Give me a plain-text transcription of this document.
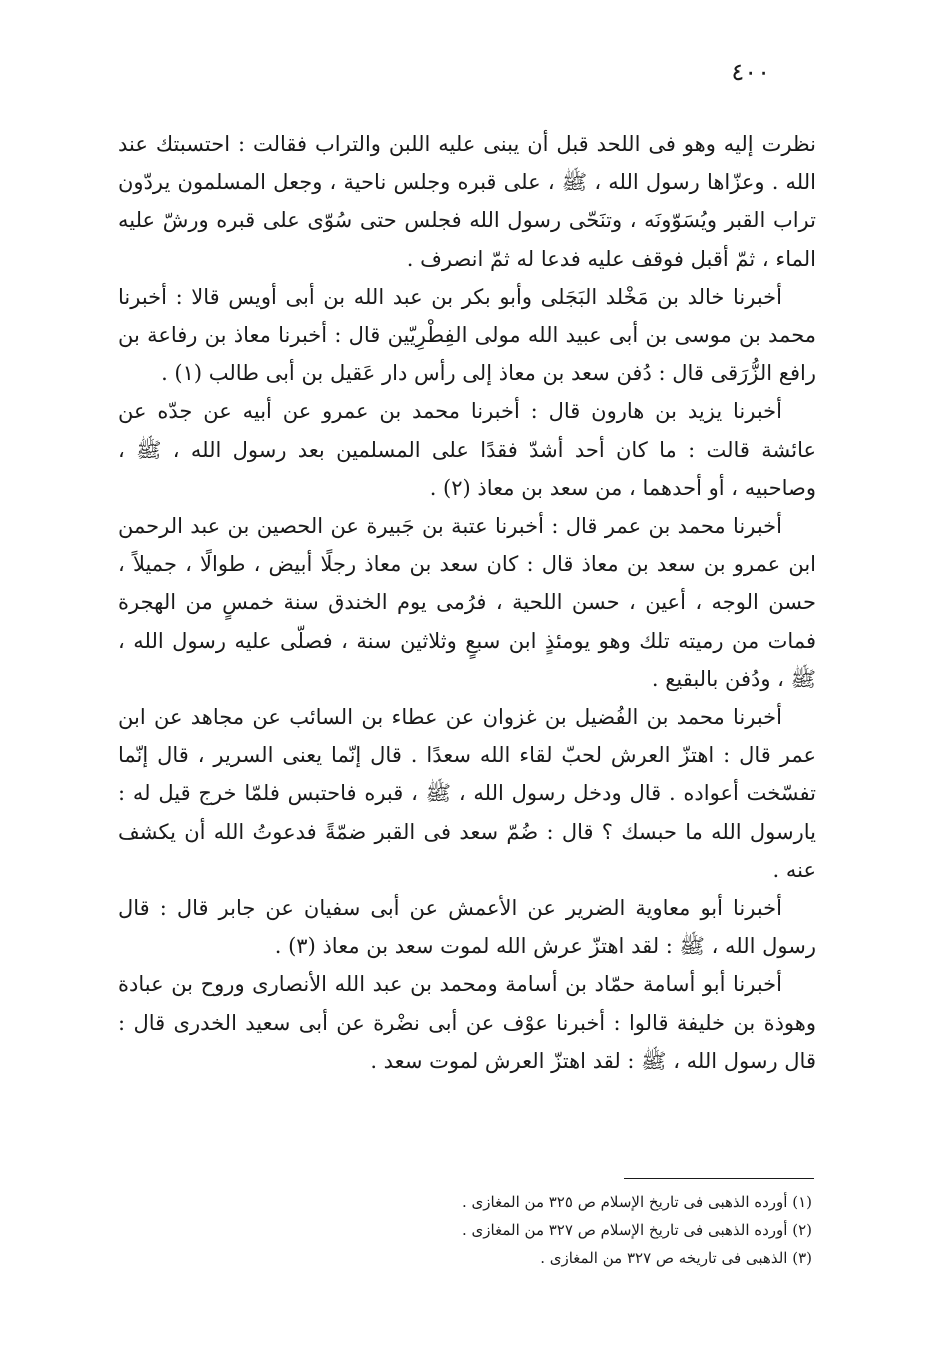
٤٠٠

نظرت إليه وهو فى اللحد قبل أن يبنى عليه اللبن والتراب فقالت : احتسبتك عند الله . وعزّاها رسول الله ، ﷺ ، على قبره وجلس ناحية ، وجعل المسلمون يردّون تراب القبر ويُسَوّونَه ، وتنَحّى رسول الله فجلس حتى سُوّى على قبره ورشّ عليه الماء ، ثمّ أقبل فوقف عليه فدعا له ثمّ انصرف .

أخبرنا خالد بن مَخْلد البَجَلى وأبو بكر بن عبد الله بن أبى أويس قالا : أخبرنا محمد بن موسى بن أبى عبيد الله مولى الفِطْرِيّين قال : أخبرنا معاذ بن رفاعة بن رافع الزُّرَقى قال : دُفن سعد بن معاذ إلى رأس دار عَقيل بن أبى طالب (١) .

أخبرنا يزيد بن هارون قال : أخبرنا محمد بن عمرو عن أبيه عن جدّه عن عائشة قالت : ما كان أحد أشدّ فقدًا على المسلمين بعد رسول الله ، ﷺ ، وصاحبيه ، أو أحدهما ، من سعد بن معاذ (٢) .

أخبرنا محمد بن عمر قال : أخبرنا عتبة بن جَبيرة عن الحصين بن عبد الرحمن ابن عمرو بن سعد بن معاذ قال : كان سعد بن معاذ رجلًا أبيض ، طوالًا ، جميلاً ، حسن الوجه ، أعين ، حسن اللحية ، فرُمى يوم الخندق سنة خمسٍ من الهجرة فمات من رميته تلك وهو يومئذٍ ابن سبعٍ وثلاثين سنة ، فصلّى عليه رسول الله ، ﷺ ، ودُفن بالبقيع .

أخبرنا محمد بن الفُضيل بن غزوان عن عطاء بن السائب عن مجاهد عن ابن عمر قال : اهتزّ العرش لحبّ لقاء الله سعدًا . قال إنّما يعنى السرير ، قال إنّما تفسّخت أعواده . قال ودخل رسول الله ، ﷺ ، قبره فاحتبس فلمّا خرج قيل له : يارسول الله ما حبسك ؟ قال : ضُمّ سعد فى القبر ضمّةً فدعوتُ الله أن يكشف عنه .

أخبرنا أبو معاوية الضرير عن الأعمش عن أبى سفيان عن جابر قال : قال رسول الله ، ﷺ : لقد اهتزّ عرش الله لموت سعد بن معاذ (٣) .

أخبرنا أبو أسامة حمّاد بن أسامة ومحمد بن عبد الله الأنصارى وروح بن عبادة وهوذة بن خليفة قالوا : أخبرنا عوْف عن أبى نضْرة عن أبى سعيد الخدرى قال : قال رسول الله ، ﷺ : لقد اهتزّ العرش لموت سعد .

(١) أورده الذهبى فى تاريخ الإسلام ص ٣٢٥ من المغازى .

(٢) أورده الذهبى فى تاريخ الإسلام ص ٣٢٧ من المغازى .

(٣) الذهبى فى تاريخه ص ٣٢٧ من المغازى .
